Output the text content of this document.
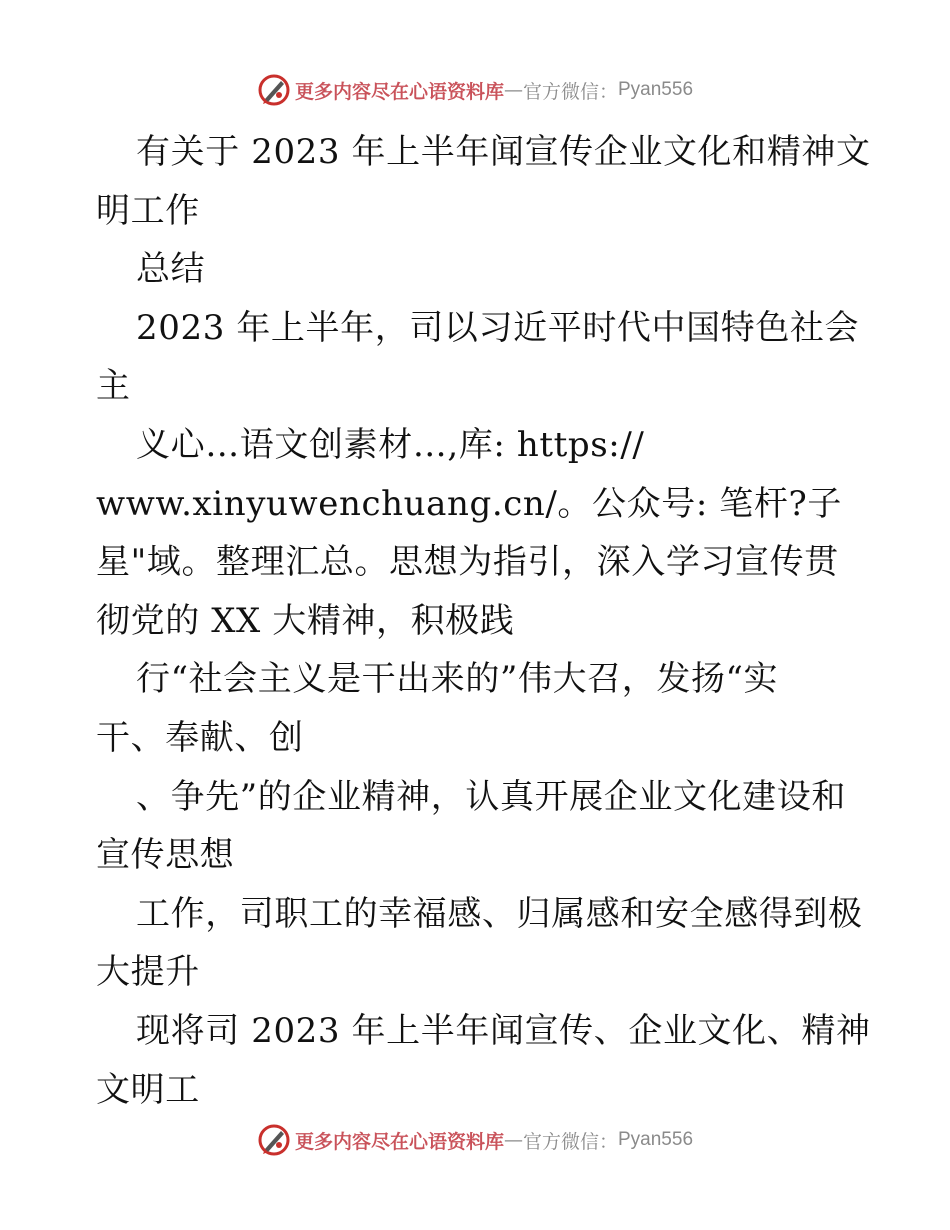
更多内容尽在心语资料库 — 官方微信： Pyan556
有关于 2023 年上半年闻宣传企业文化和精神文
明工作
总结
2023 年上半年，司以习近平时代中国特色社会
主
义心…语文创素材…,库: https://
www.xinyuwenchuang.cn/。公众号: 笔杆?子
星"域。整理汇总。思想为指引，深入学习宣传贯
彻党的 XX 大精神，积极践
行“社会主义是干出来的”伟大召，发扬“实
干、奉献、创
、争先”的企业精神，认真开展企业文化建设和
宣传思想
工作，司职工的幸福感、归属感和安全感得到极
大提升
现将司 2023 年上半年闻宣传、企业文化、精神
文明工
更多内容尽在心语资料库 — 官方微信： Pyan556
